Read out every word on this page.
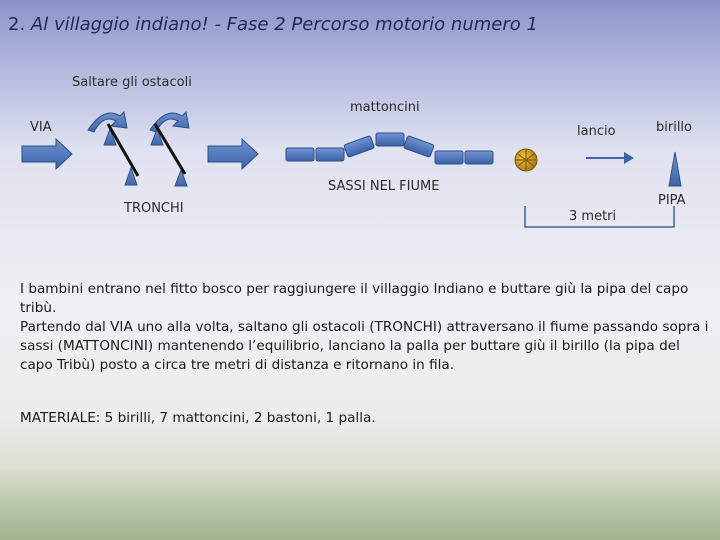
2. Al villaggio indiano! - Fase 2 Percorso motorio numero 1
Saltare gli ostacoli
VIA
TRONCHI
mattoncini
SASSI NEL FIUME
lancio
3 metri
birillo
PIPA

I bambini entrano nel fitto bosco per raggiungere il villaggio Indiano e buttare giù la pipa del capo tribù.

Partendo dal VIA uno alla volta, saltano gli ostacoli (TRONCHI) attraversano il fiume passando sopra i sassi (MATTONCINI) mantenendo l’equilibrio, lanciano la palla per buttare giù il birillo (la pipa del capo Tribù) posto a circa tre metri di distanza e ritornano in fila.

MATERIALE: 5 birilli, 7 mattoncini, 2 bastoni, 1 palla.
